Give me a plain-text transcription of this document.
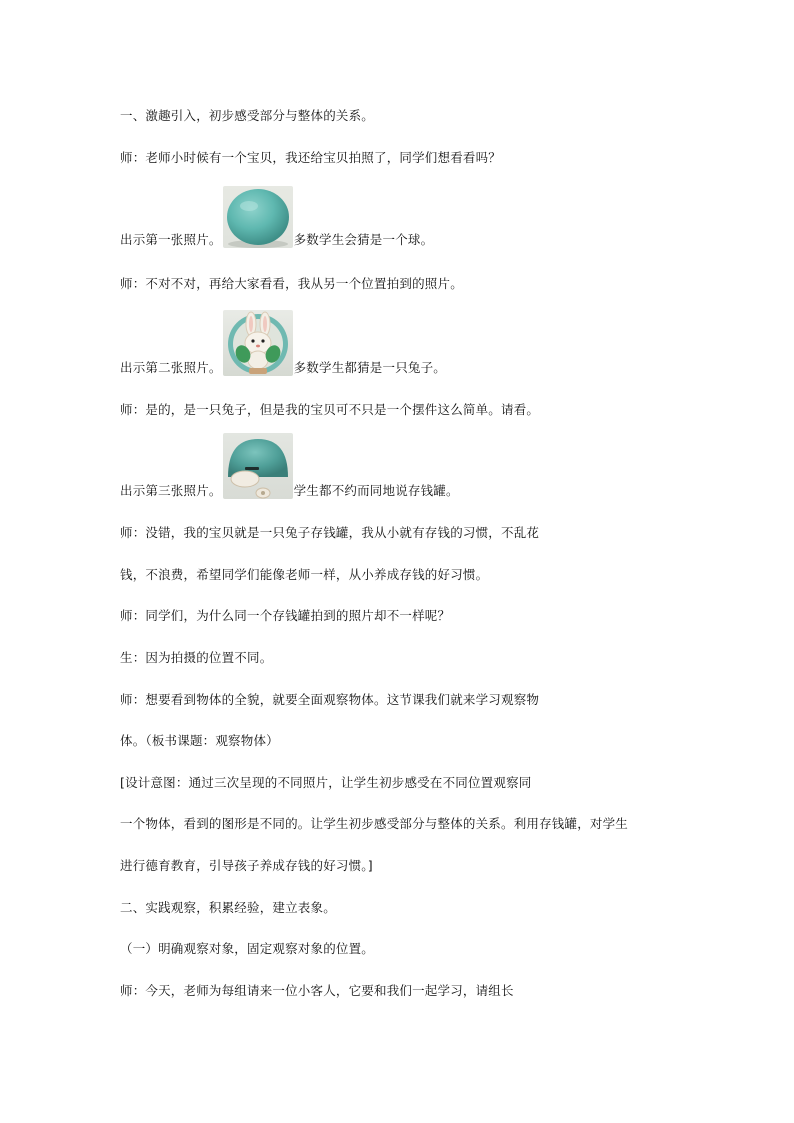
一、激趣引入，初步感受部分与整体的关系。
师：老师小时候有一个宝贝，我还给宝贝拍照了，同学们想看看吗？
出示第一张照片。	多数学生会猜是一个球。
师：不对不对，再给大家看看，我从另一个位置拍到的照片。
出示第二张照片。	多数学生都猜是一只兔子。
师：是的，是一只兔子，但是我的宝贝可不只是一个摆件这么简单。请看。
出示第三张照片。	学生都不约而同地说存钱罐。
师：没错，我的宝贝就是一只兔子存钱罐，我从小就有存钱的习惯，不乱花
钱，不浪费，希望同学们能像老师一样，从小养成存钱的好习惯。
师：同学们，为什么同一个存钱罐拍到的照片却不一样呢？
生：因为拍摄的位置不同。
师：想要看到物体的全貌，就要全面观察物体。这节课我们就来学习观察物
体。（板书课题：观察物体）
[设计意图：通过三次呈现的不同照片，让学生初步感受在不同位置观察同
一个物体，看到的图形是不同的。让学生初步感受部分与整体的关系。利用存钱罐，对学生
进行德育教育，引导孩子养成存钱的好习惯。]
二、实践观察，积累经验，建立表象。
（一）明确观察对象，固定观察对象的位置。
师：今天，老师为每组请来一位小客人，它要和我们一起学习，请组长
